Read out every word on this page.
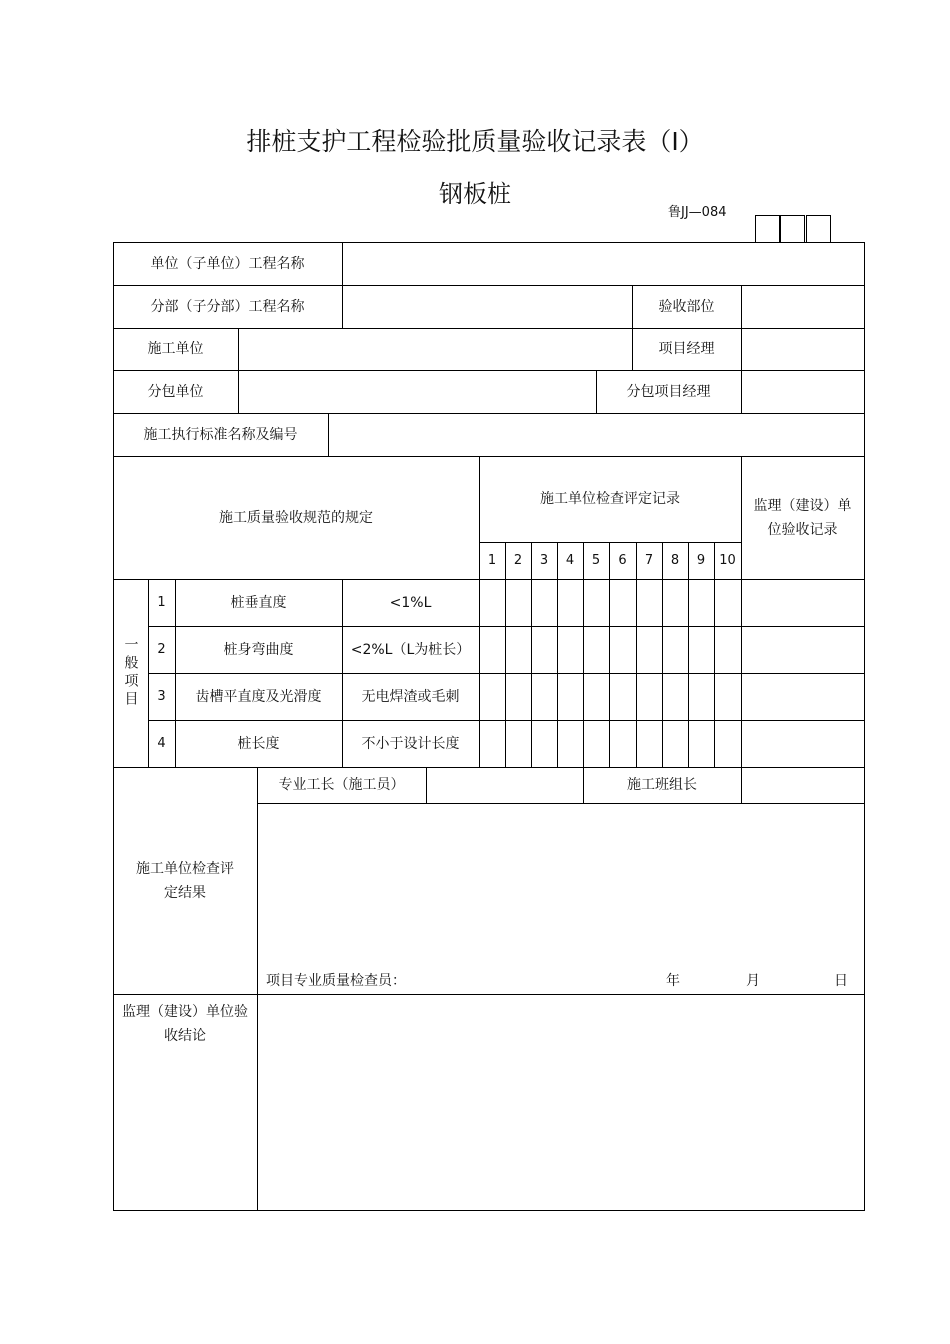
排桩支护工程检验批质量验收记录表（Ⅰ）
钢板桩
鲁JJ—084
单位（子单位）工程名称
分部（子分部）工程名称	验收部位
施工单位	项目经理
分包单位	分包项目经理
施工执行标准名称及编号
施工质量验收规范的规定
施工单位检查评定记录	监理（建设）单位验收记录
1	2	3	4	5	6	7	8	9	10
一般项目
1	桩垂直度	<1%L
2	桩身弯曲度	<2%L（L为桩长）
3	齿槽平直度及光滑度	无电焊渣或毛刺
4	桩长度	不小于设计长度
专业工长（施工员）	施工班组长
施工单位检查评定结果
项目专业质量检查员：	年	月	日
监理（建设）单位验收结论
